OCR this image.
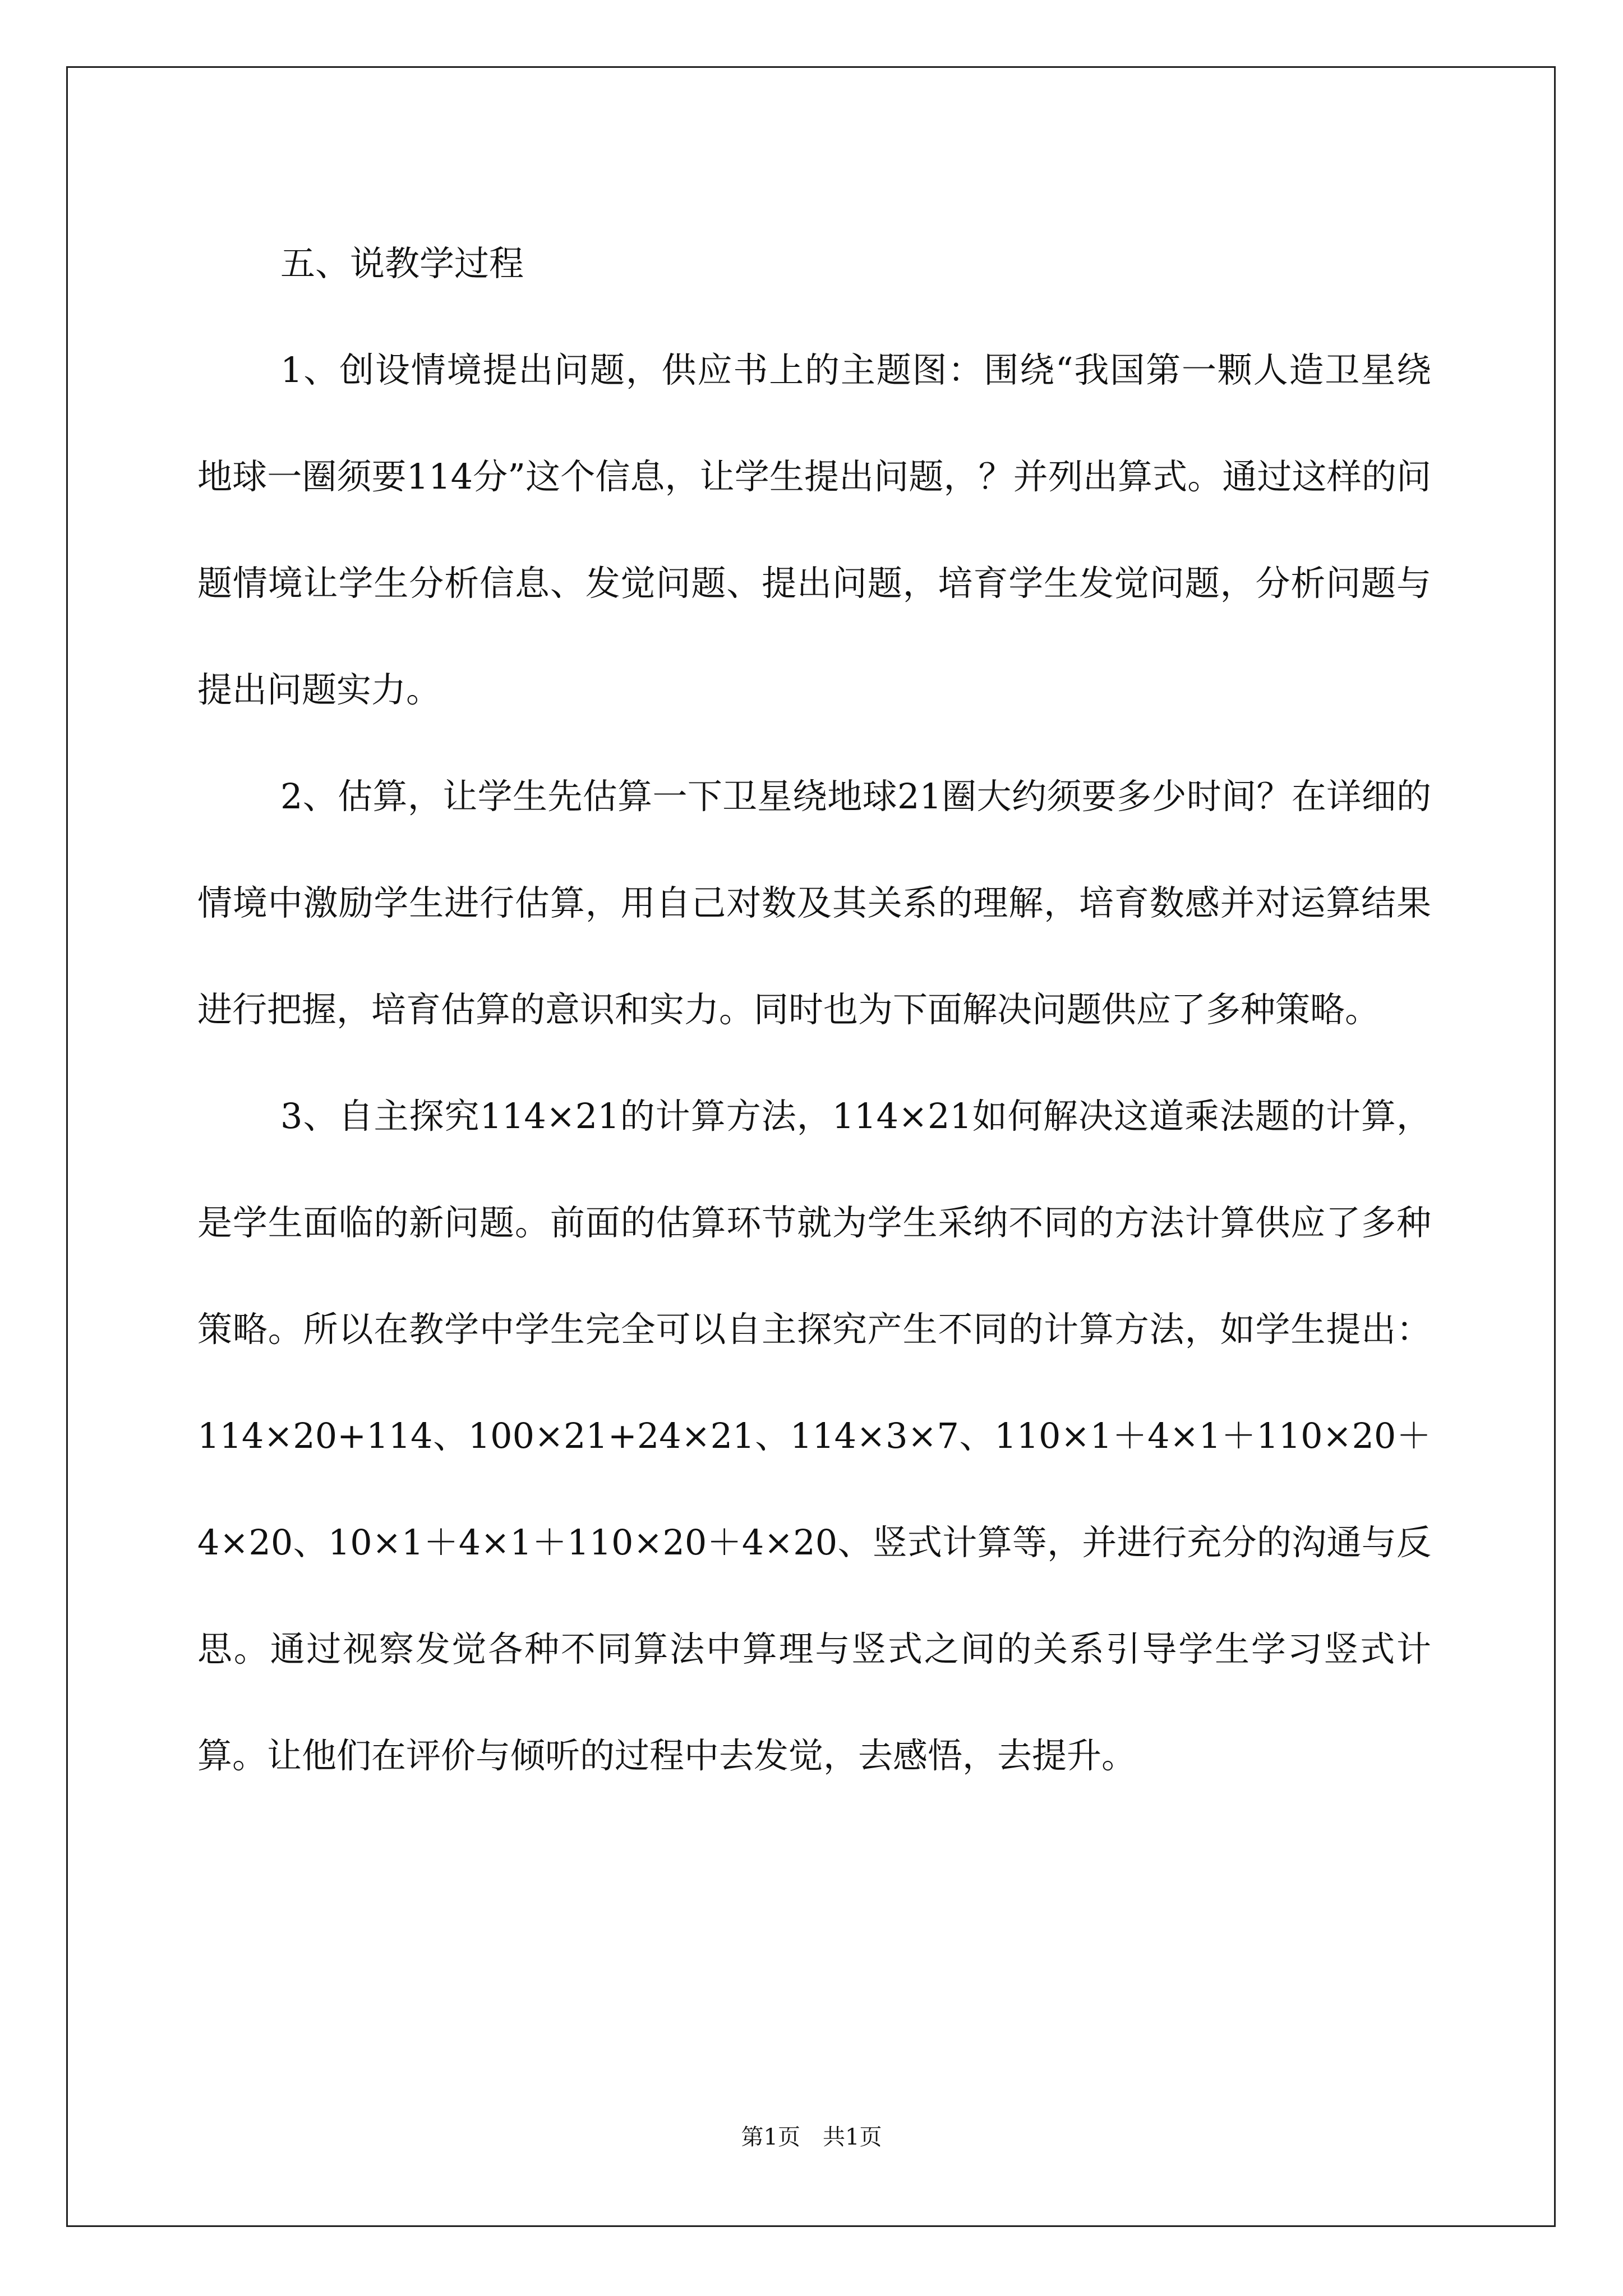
五、说教学过程

1、创设情境提出问题，供应书上的主题图：围绕“我国第一颗人造卫星绕地球一圈须要114分”这个信息，让学生提出问题，？并列出算式。通过这样的问题情境让学生分析信息、发觉问题、提出问题，培育学生发觉问题，分析问题与提出问题实力。

2、估算，让学生先估算一下卫星绕地球21圈大约须要多少时间？在详细的情境中激励学生进行估算，用自己对数及其关系的理解，培育数感并对运算结果进行把握，培育估算的意识和实力。同时也为下面解决问题供应了多种策略。

3、自主探究114×21的计算方法，114×21如何解决这道乘法题的计算，是学生面临的新问题。前面的估算环节就为学生采纳不同的方法计算供应了多种策略。所以在教学中学生完全可以自主探究产生不同的计算方法，如学生提出：114×20+114、100×21+24×21、114×3×7、110×1＋4×1＋110×20＋4×20、10×1＋4×1＋110×20＋4×20、竖式计算等，并进行充分的沟通与反思。通过视察发觉各种不同算法中算理与竖式之间的关系引导学生学习竖式计算。让他们在评价与倾听的过程中去发觉，去感悟，去提升。

第1页 共1页
